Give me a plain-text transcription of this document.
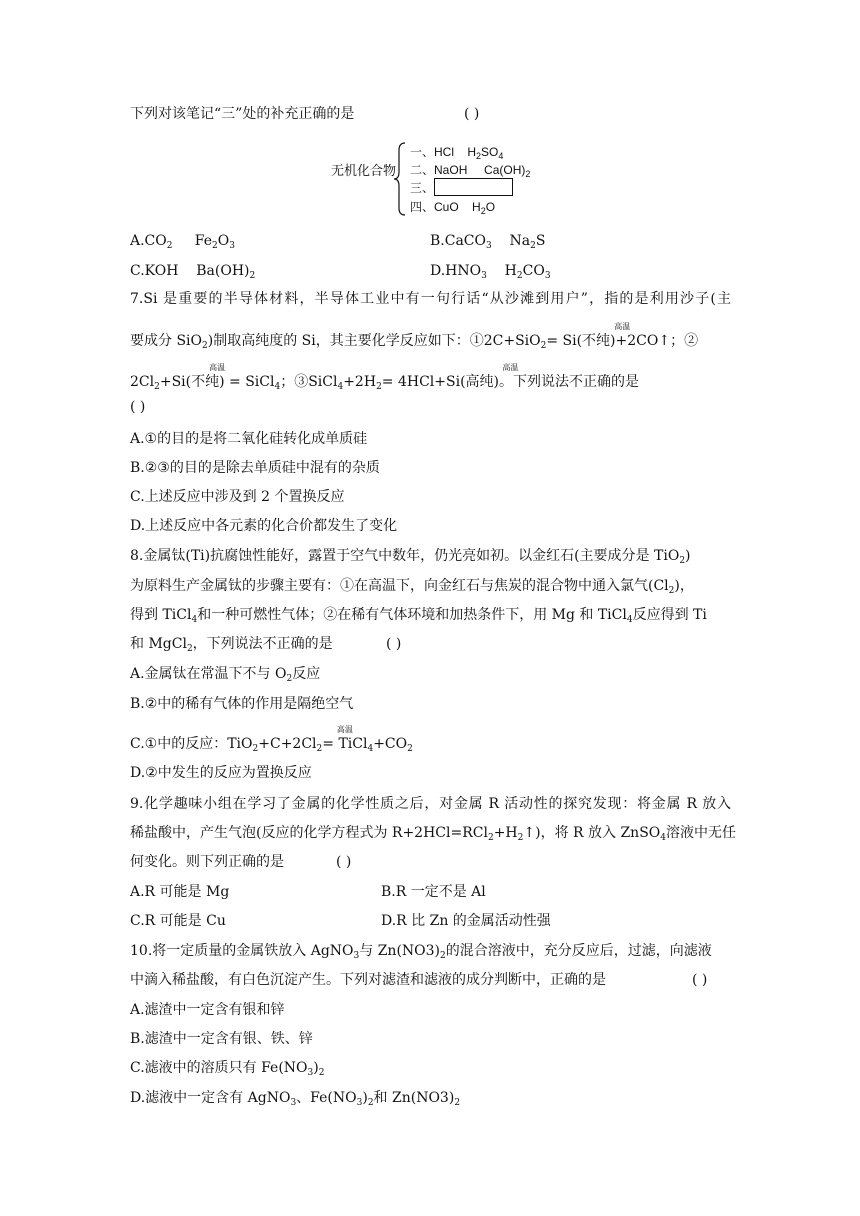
下列对该笔记“三”处的补充正确的是	( )
无机化合物
一、HCl $H_2SO_4$
二、NaOH $Ca(OH)_2$
三、
四、CuO $H_2O$
$A.CO_2$ $Fe_2O_3$	B.CaCO$_3$ $Na_2S$
C.KOH $Ba(OH)_2$	$D.HNO_3$ $H_2CO_3$
7.Si 是重要的半导体材料，半导体工业中有一句行话“从沙滩到用户”，指的是利用沙子(主
要成分 SiO$_2$)制取高纯度的 Si，其主要化学反应如下：①2C+SiO$_2$
高温
= Si(不纯)+2CO↑；②
$2Cl_2$
高温
+Si(不纯) = SiCl$_4$；$③SiCl_4+2H_2$
高温
= 4HCl+Si(高纯)。下列说法不正确的是
( )
A.①的目的是将二氧化硅转化成单质硅
B.②③的目的是除去单质硅中混有的杂质
C.上述反应中涉及到 2 个置换反应
D.上述反应中各元素的化合价都发生了变化
8.金属钛(Ti)抗腐蚀性能好，露置于空气中数年，仍光亮如初。以金红石(主要成分是 TiO$_2$)
为原料生产金属钛的步骤主要有：①在高温下，向金红石与焦炭的混合物中通入氯气$(Cl_2)$，
得到 TiCl$_4$和一种可燃性气体；②在稀有气体环境和加热条件下，用 Mg 和 TiCl$_4$反应得到 Ti
和 MgCl$_2$，下列说法不正确的是	( )
A.金属钛在常温下不与 $O_2$反应
B.②中的稀有气体的作用是隔绝空气
C.①中的反应：$TiO_2+C+2Cl_2$
高温
= $TiCl_4+CO_2$
D.②中发生的反应为置换反应
9.化学趣味小组在学习了金属的化学性质之后，对金属 R 活动性的探究发现：将金属 R 放入
稀盐酸中，产生气泡(反应的化学方程式为 $R+2HCl=RCl_2+H_2↑$)，将 R 放入 ZnSO$_4$溶液中无任
何变化。则下列正确的是	( )
A.R 可能是 Mg	B.R 一定不是 Al
C.R 可能是 Cu	D.R 比 Zn 的金属活动性强
10.将一定质量的金属铁放入 AgNO$_3$与 $Zn(NO3)_2$的混合溶液中，充分反应后，过滤，向滤液
中滴入稀盐酸，有白色沉淀产生。下列对滤渣和滤液的成分判断中，正确的是	( )
A.滤渣中一定含有银和锌
B.滤渣中一定含有银、铁、锌
C.滤液中的溶质只有 $Fe(NO_3)_2$
D.滤液中一定含有 AgNO$_3$、$Fe(NO_3)_2$和 $Zn(NO3)_2$
